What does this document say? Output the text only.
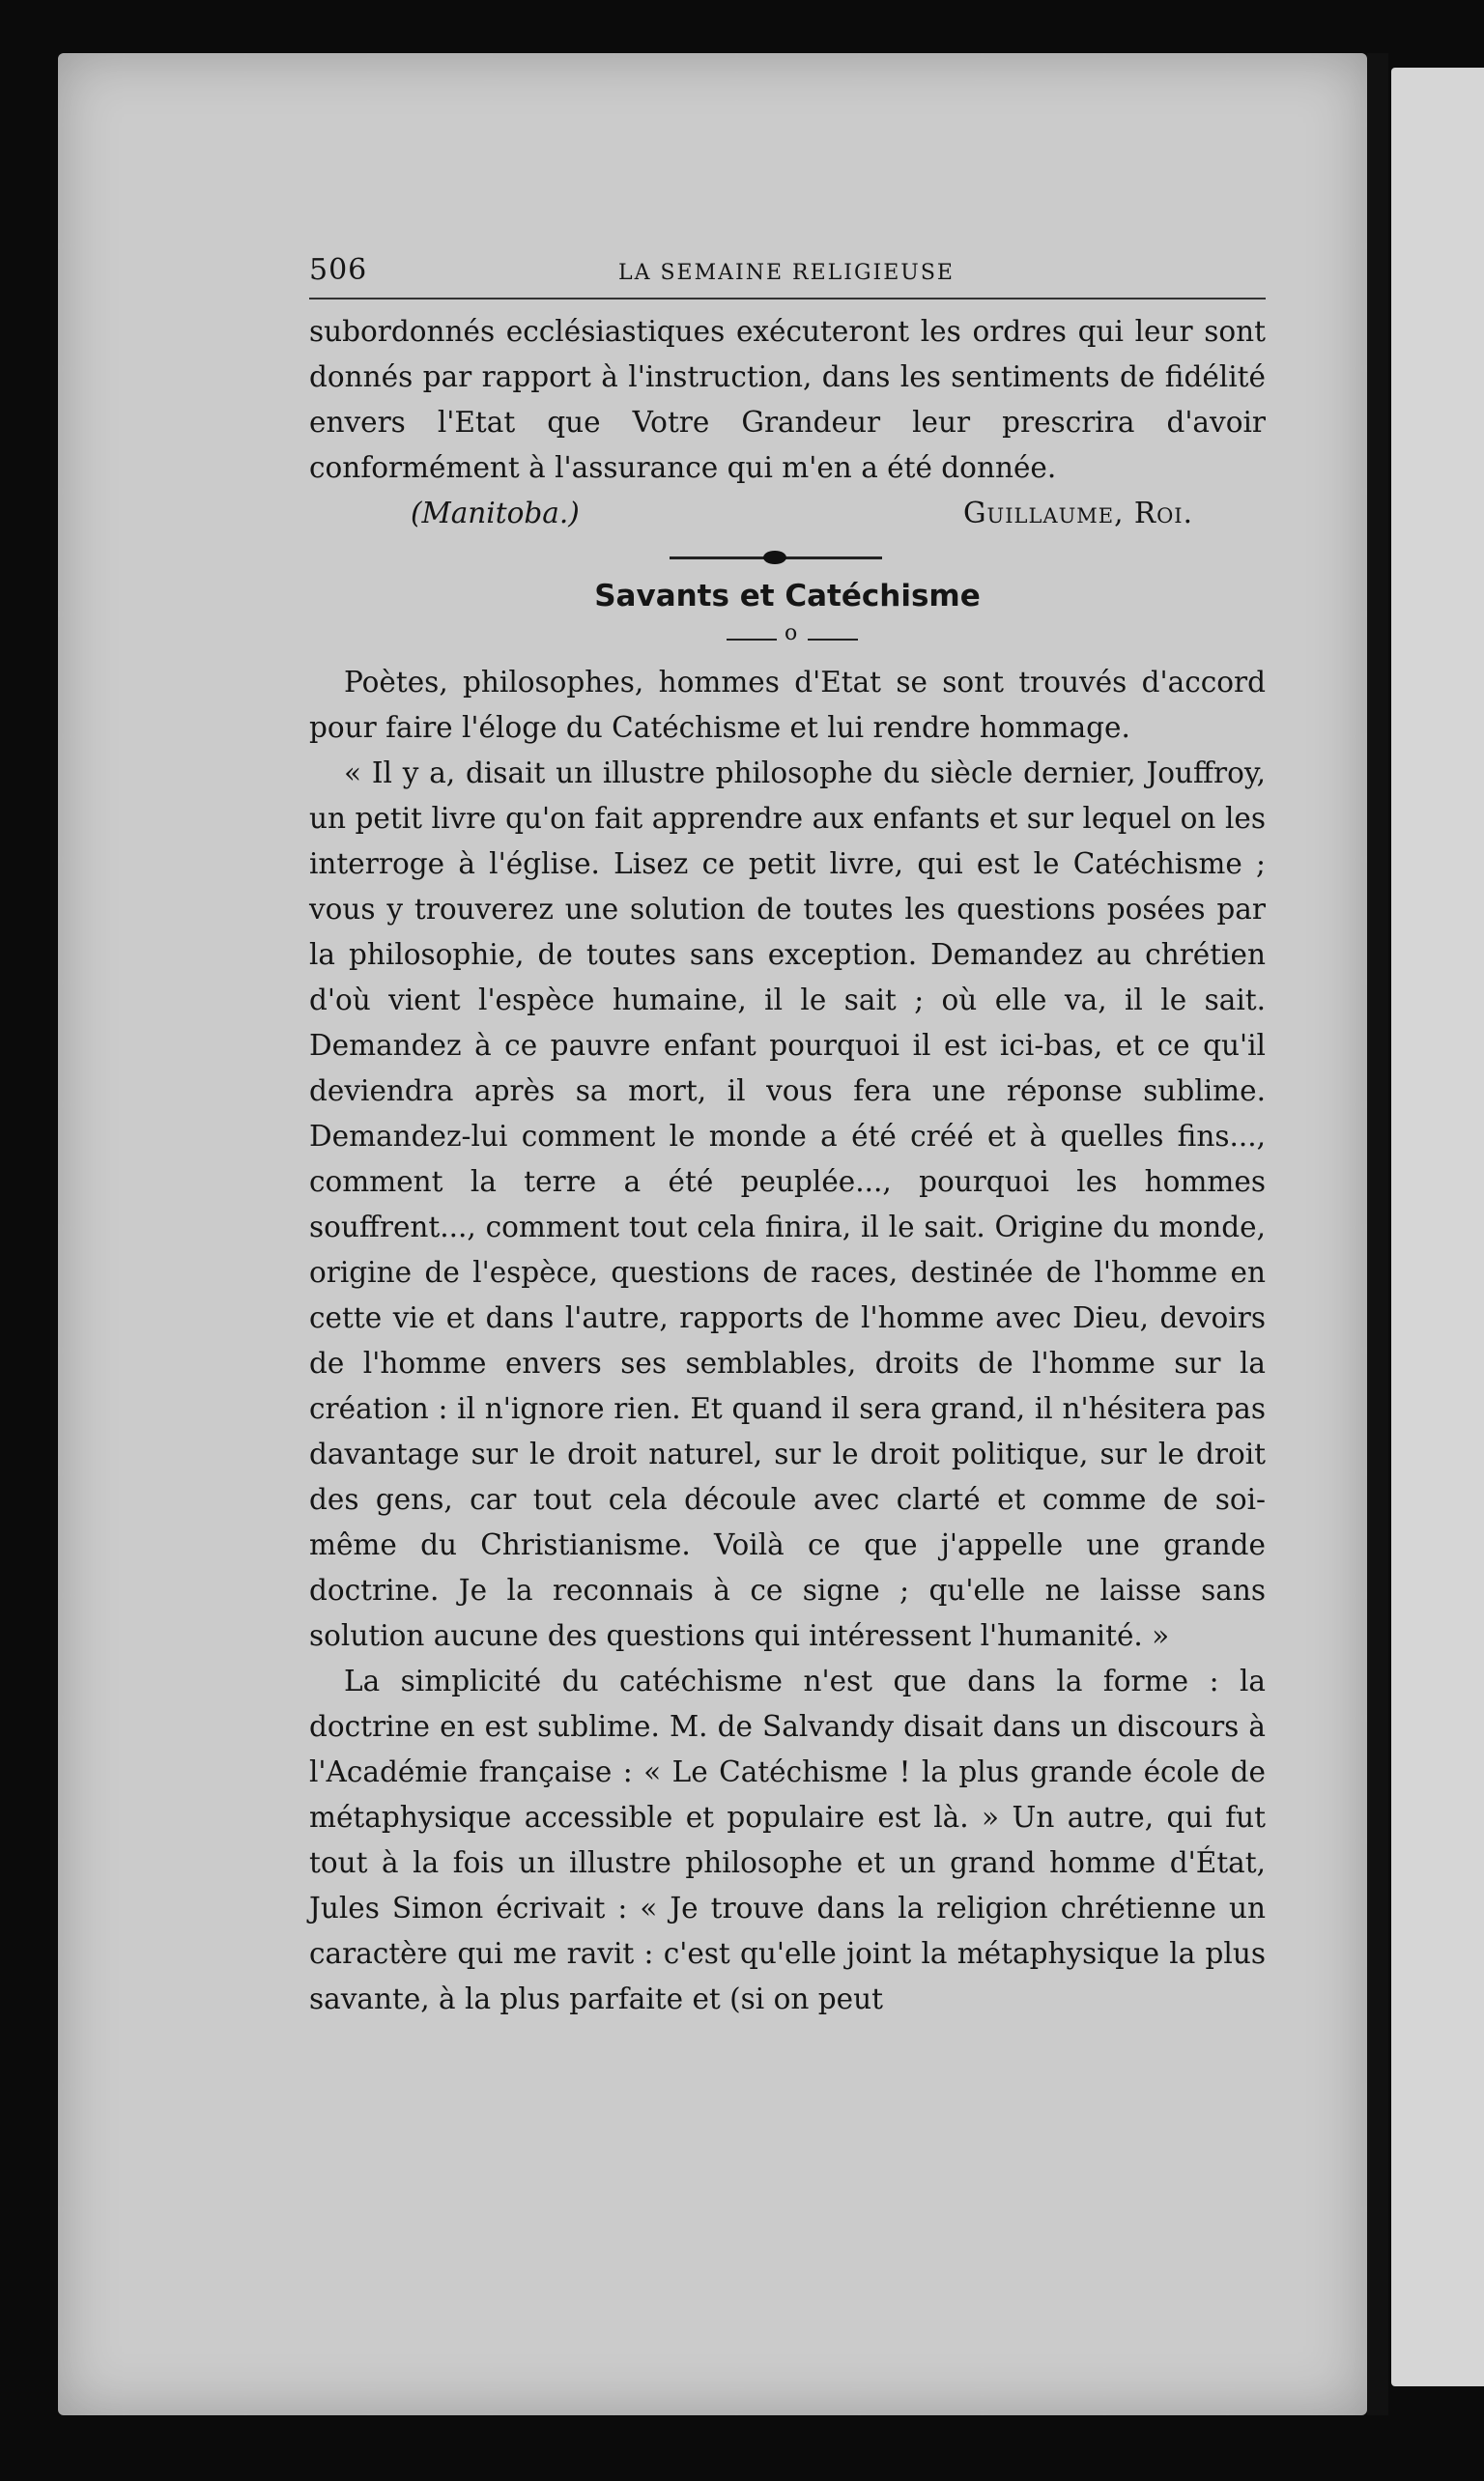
506	LA SEMAINE RELIGIEUSE

subordonnés ecclésiastiques exécuteront les ordres qui leur sont donnés par rapport à l'instruction, dans les sentiments de fidélité envers l'Etat que Votre Grandeur leur prescrira d'avoir conformément à l'assurance qui m'en a été donnée.

(Manitoba.)	Guillaume, Roi.
Savants et Catéchisme
o

Poètes, philosophes, hommes d'Etat se sont trouvés d'accord pour faire l'éloge du Catéchisme et lui rendre hommage.

« Il y a, disait un illustre philosophe du siècle dernier, Jouffroy, un petit livre qu'on fait apprendre aux enfants et sur lequel on les interroge à l'église. Lisez ce petit livre, qui est le Catéchisme ; vous y trouverez une solution de toutes les questions posées par la philosophie, de toutes sans exception. Demandez au chrétien d'où vient l'espèce humaine, il le sait ; où elle va, il le sait. Demandez à ce pauvre enfant pourquoi il est ici-bas, et ce qu'il deviendra après sa mort, il vous fera une réponse sublime. Demandez-lui comment le monde a été créé et à quelles fins..., comment la terre a été peuplée..., pourquoi les hommes souffrent..., comment tout cela finira, il le sait. Origine du monde, origine de l'espèce, questions de races, destinée de l'homme en cette vie et dans l'autre, rapports de l'homme avec Dieu, devoirs de l'homme envers ses semblables, droits de l'homme sur la création : il n'ignore rien. Et quand il sera grand, il n'hésitera pas davantage sur le droit naturel, sur le droit politique, sur le droit des gens, car tout cela découle avec clarté et comme de soi-même du Christianisme. Voilà ce que j'appelle une grande doctrine. Je la reconnais à ce signe ; qu'elle ne laisse sans solution aucune des questions qui intéressent l'humanité. »

La simplicité du catéchisme n'est que dans la forme : la doctrine en est sublime. M. de Salvandy disait dans un discours à l'Académie française : « Le Catéchisme ! la plus grande école de métaphysique accessible et populaire est là. » Un autre, qui fut tout à la fois un illustre philosophe et un grand homme d'État, Jules Simon écrivait : « Je trouve dans la religion chrétienne un caractère qui me ravit : c'est qu'elle joint la métaphysique la plus savante, à la plus parfaite et (si on peut
